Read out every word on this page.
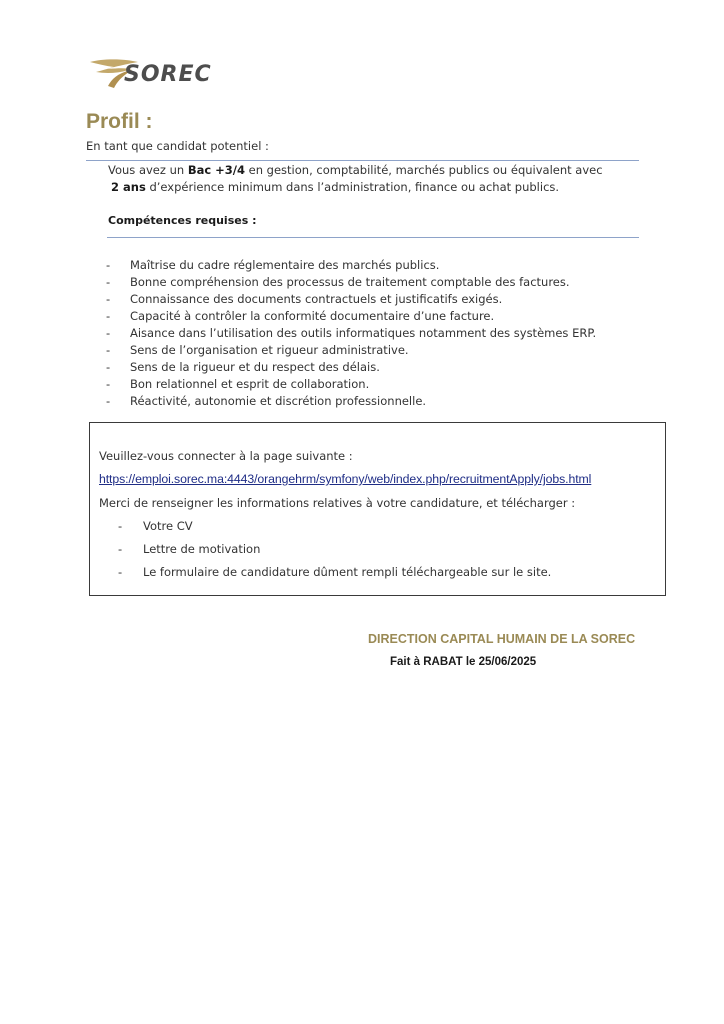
SOREC
Profil :
En tant que candidat potentiel :
Vous avez un Bac +3/4 en gestion, comptabilité, marchés publics ou équivalent avec
2 ans d’expérience minimum dans l’administration, finance ou achat publics.
Compétences requises :
-	Maîtrise du cadre réglementaire des marchés publics.
-	Bonne compréhension des processus de traitement comptable des factures.
-	Connaissance des documents contractuels et justificatifs exigés.
-	Capacité à contrôler la conformité documentaire d’une facture.
-	Aisance dans l’utilisation des outils informatiques notamment des systèmes ERP.
-	Sens de l’organisation et rigueur administrative.
-	Sens de la rigueur et du respect des délais.
-	Bon relationnel et esprit de collaboration.
-	Réactivité, autonomie et discrétion professionnelle.
Veuillez-vous connecter à la page suivante :
https://emploi.sorec.ma:4443/orangehrm/symfony/web/index.php/recruitmentApply/jobs.html
Merci de renseigner les informations relatives à votre candidature, et télécharger :
- Votre CV
- Lettre de motivation
- Le formulaire de candidature dûment rempli téléchargeable sur le site.
DIRECTION CAPITAL HUMAIN DE LA SOREC
Fait à RABAT le 25/06/2025
